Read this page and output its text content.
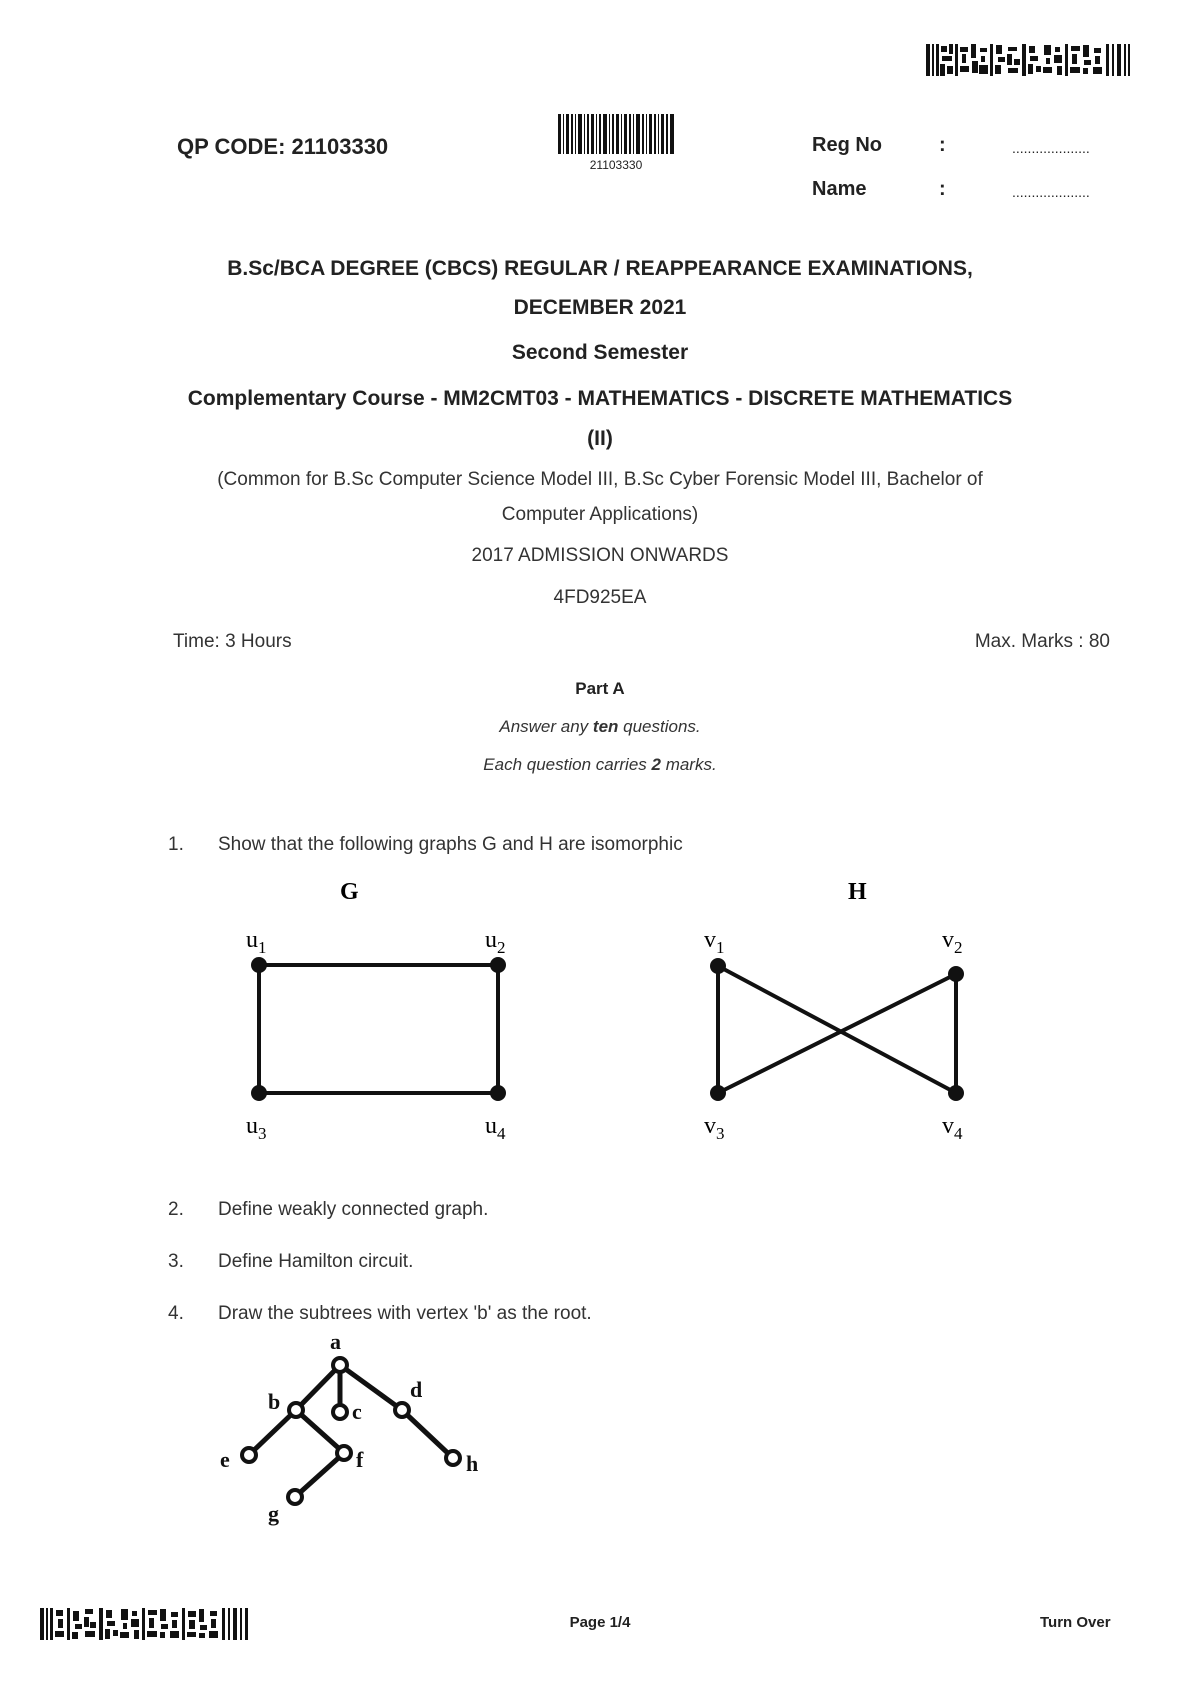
QP CODE: 21103330
21103330
Reg No	:	....................
Name	:	....................
B.Sc/BCA DEGREE (CBCS) REGULAR / REAPPEARANCE EXAMINATIONS,
DECEMBER 2021
Second Semester
Complementary Course - MM2CMT03 - MATHEMATICS - DISCRETE MATHEMATICS
(II)
(Common for B.Sc Computer Science Model III, B.Sc Cyber Forensic Model III, Bachelor of
Computer Applications)
2017 ADMISSION ONWARDS
4FD925EA
Time: 3 Hours	Max. Marks : 80
Part A
Answer any ten questions.
Each question carries 2 marks.
1. Show that the following graphs G and H are isomorphic
G
$u_1$	$u_2$
$u_3$	$u_4$
H
$v_1$	$v_2$
$v_3$	$v_4$
2. Define weakly connected graph.
3. Define Hamilton circuit.
4. Draw the subtrees with vertex 'b' as the root.
a
b	c
d
e	f
g
h
Page 1/4	Turn Over
